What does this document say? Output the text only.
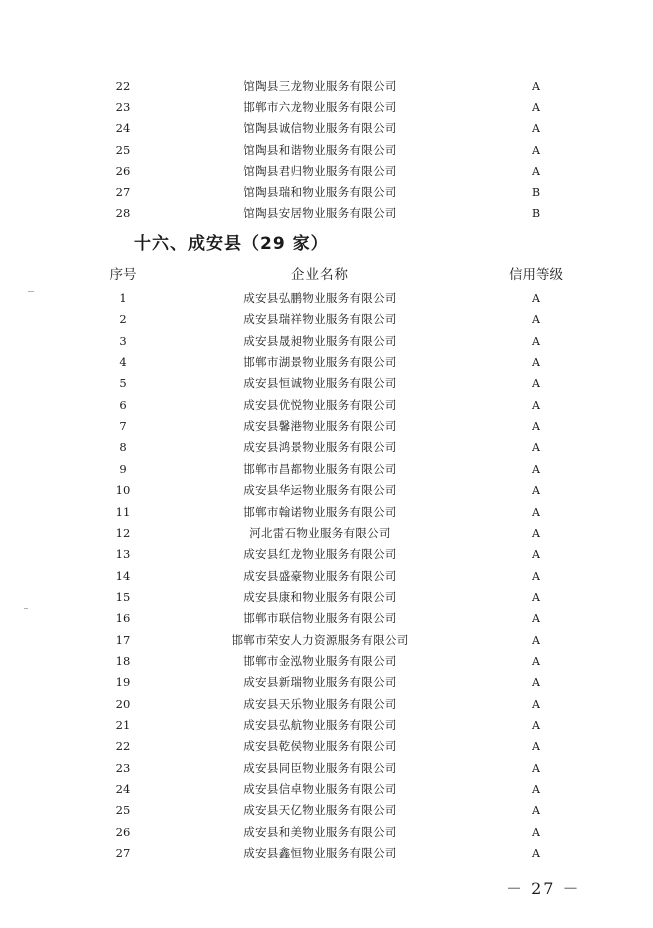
22	馆陶县三龙物业服务有限公司	A
23	邯郸市六龙物业服务有限公司	A
24	馆陶县诚信物业服务有限公司	A
25	馆陶县和谐物业服务有限公司	A
26	馆陶县君归物业服务有限公司	A
27	馆陶县瑞和物业服务有限公司	B
28	馆陶县安居物业服务有限公司	B
十六、成安县（29 家）
序号	企业名称	信用等级
1	成安县弘鹏物业服务有限公司	A
2	成安县瑞祥物业服务有限公司	A
3	成安县晟昶物业服务有限公司	A
4	邯郸市湖景物业服务有限公司	A
5	成安县恒诚物业服务有限公司	A
6	成安县优悦物业服务有限公司	A
7	成安县馨港物业服务有限公司	A
8	成安县鸿景物业服务有限公司	A
9	邯郸市昌都物业服务有限公司	A
10	成安县华运物业服务有限公司	A
11	邯郸市翰诺物业服务有限公司	A
12	河北雷石物业服务有限公司	A
13	成安县红龙物业服务有限公司	A
14	成安县盛豪物业服务有限公司	A
15	成安县康和物业服务有限公司	A
16	邯郸市联信物业服务有限公司	A
17	邯郸市荣安人力资源服务有限公司	A
18	邯郸市金泓物业服务有限公司	A
19	成安县新瑞物业服务有限公司	A
20	成安县天乐物业服务有限公司	A
21	成安县弘航物业服务有限公司	A
22	成安县乾侯物业服务有限公司	A
23	成安县同臣物业服务有限公司	A
24	成安县信卓物业服务有限公司	A
25	成安县天亿物业服务有限公司	A
26	成安县和美物业服务有限公司	A
27	成安县鑫恒物业服务有限公司	A
－ 27 －
